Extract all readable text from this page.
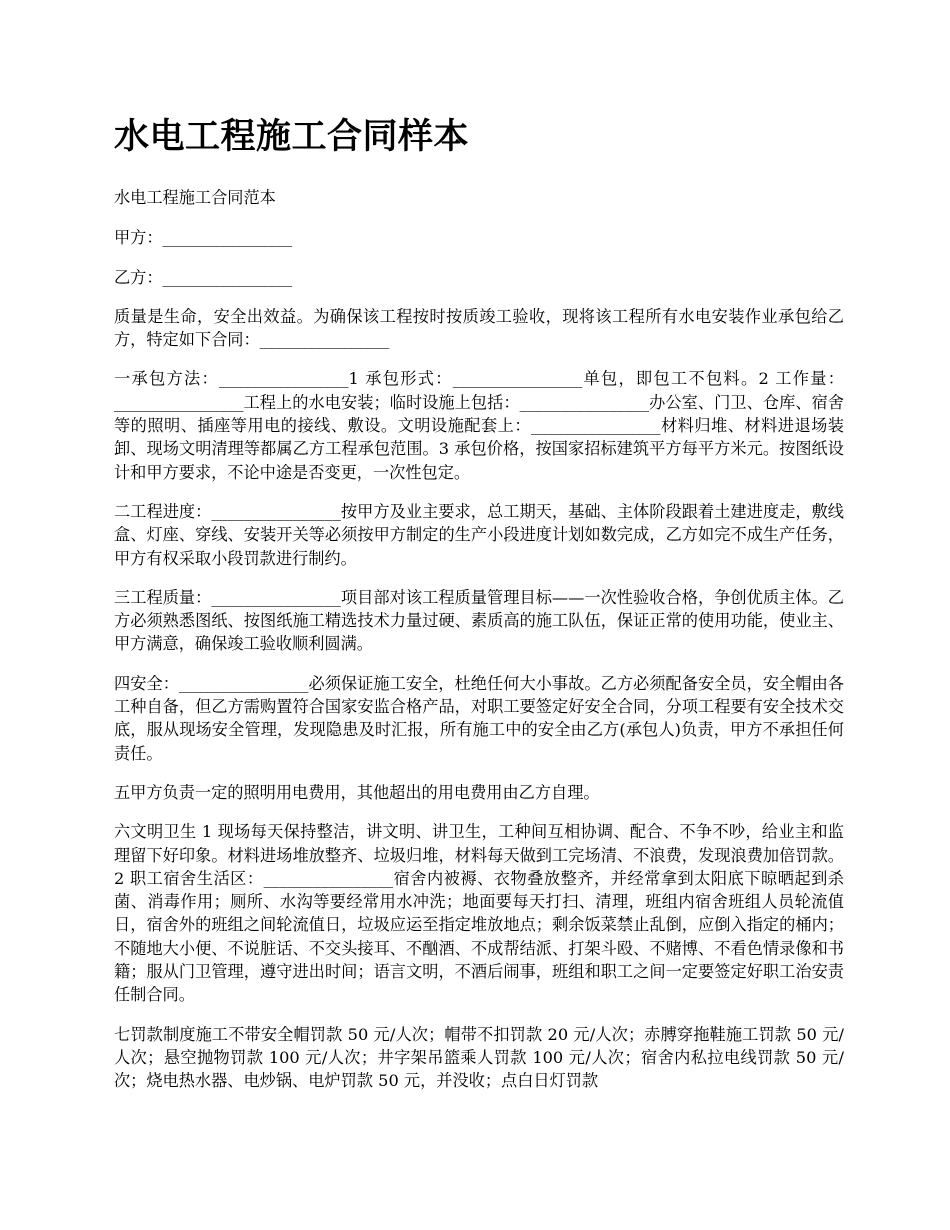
水电工程施工合同样本

水电工程施工合同范本

甲方：________________

乙方：________________

质量是生命，安全出效益。为确保该工程按时按质竣工验收，现将该工程所有水电安装作业承包给乙方，特定如下合同：________________

一承包方法：________________1 承包形式：________________单包，即包工不包料。2 工作量：________________工程上的水电安装；临时设施上包括：________________办公室、门卫、仓库、宿舍等的照明、插座等用电的接线、敷设。文明设施配套上：________________材料归堆、材料进退场装卸、现场文明清理等都属乙方工程承包范围。3 承包价格，按国家招标建筑平方每平方米元。按图纸设计和甲方要求，不论中途是否变更，一次性包定。

二工程进度：________________按甲方及业主要求，总工期天，基础、主体阶段跟着土建进度走，敷线盒、灯座、穿线、安装开关等必须按甲方制定的生产小段进度计划如数完成，乙方如完不成生产任务，甲方有权采取小段罚款进行制约。

三工程质量：________________项目部对该工程质量管理目标——一次性验收合格，争创优质主体。乙方必须熟悉图纸、按图纸施工精选技术力量过硬、素质高的施工队伍，保证正常的使用功能，使业主、甲方满意，确保竣工验收顺利圆满。

四安全：________________必须保证施工安全，杜绝任何大小事故。乙方必须配备安全员，安全帽由各工种自备，但乙方需购置符合国家安监合格产品，对职工要签定好安全合同，分项工程要有安全技术交底，服从现场安全管理，发现隐患及时汇报，所有施工中的安全由乙方(承包人)负责，甲方不承担任何责任。

五甲方负责一定的照明用电费用，其他超出的用电费用由乙方自理。

六文明卫生 1 现场每天保持整洁，讲文明、讲卫生，工种间互相协调、配合、不争不吵，给业主和监理留下好印象。材料进场堆放整齐、垃圾归堆，材料每天做到工完场清、不浪费，发现浪费加倍罚款。2 职工宿舍生活区：________________宿舍内被褥、衣物叠放整齐，并经常拿到太阳底下晾晒起到杀菌、消毒作用；厕所、水沟等要经常用水冲洗；地面要每天打扫、清理，班组内宿舍班组人员轮流值日，宿舍外的班组之间轮流值日，垃圾应运至指定堆放地点；剩余饭菜禁止乱倒，应倒入指定的桶内；不随地大小便、不说脏话、不交头接耳、不酗酒、不成帮结派、打架斗殴、不赌博、不看色情录像和书籍；服从门卫管理，遵守进出时间；语言文明，不酒后闹事，班组和职工之间一定要签定好职工治安责任制合同。

七罚款制度施工不带安全帽罚款 50 元/人次；帽带不扣罚款 20 元/人次；赤膊穿拖鞋施工罚款 50 元/人次；悬空抛物罚款 100 元/人次；井字架吊篮乘人罚款 100 元/人次；宿舍内私拉电线罚款 50 元/次；烧电热水器、电炒锅、电炉罚款 50 元，并没收；点白日灯罚款
